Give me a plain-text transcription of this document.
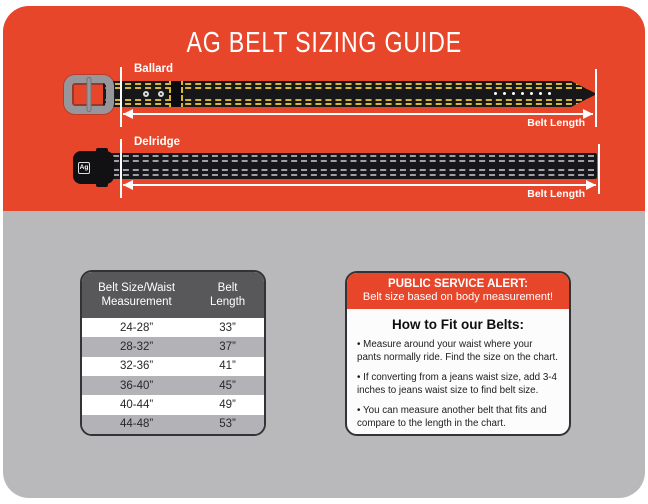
AG BELT SIZING GUIDE
Ballard
Belt Length
Delridge
Ag
Belt Length
Belt Size/Waist Measurement
Belt Length
24-28”	33”
28-32”	37”
32-36”	41”
36-40”	45”
40-44”	49”
44-48”	53”
PUBLIC SERVICE ALERT:
Belt size based on body measurement!
How to Fit our Belts:
• Measure around your waist where your pants normally ride. Find the size on the chart.
• If converting from a jeans waist size, add 3-4 inches to jeans waist size to find belt size.
• You can measure another belt that fits and compare to the length in the chart.
